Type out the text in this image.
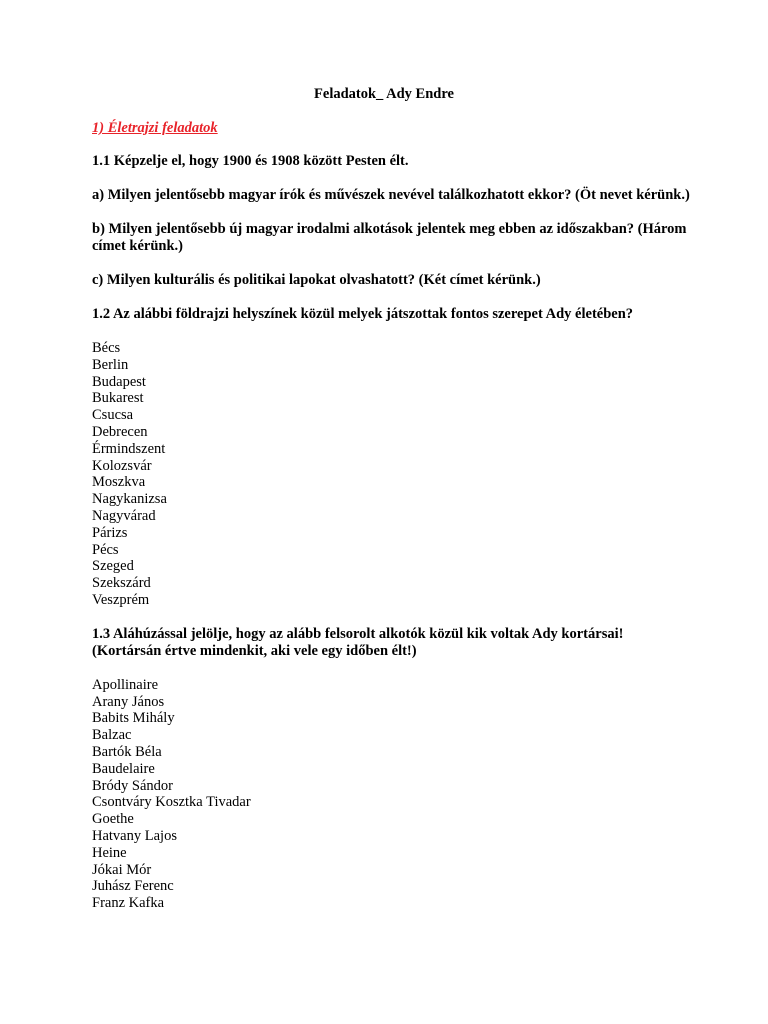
Feladatok_ Ady Endre
1) Életrajzi feladatok
1.1 Képzelje el, hogy 1900 és 1908 között Pesten élt.
a) Milyen jelentősebb magyar írók és művészek nevével találkozhatott ekkor? (Öt nevet kérünk.)
b) Milyen jelentősebb új magyar irodalmi alkotások jelentek meg ebben az időszakban? (Három címet kérünk.)
c) Milyen kulturális és politikai lapokat olvashatott? (Két címet kérünk.)
1.2 Az alábbi földrajzi helyszínek közül melyek játszottak fontos szerepet Ady életében?
Bécs
Berlin
Budapest
Bukarest
Csucsa
Debrecen
Érmindszent
Kolozsvár
Moszkva
Nagykanizsa
Nagyvárad
Párizs
Pécs
Szeged
Szekszárd
Veszprém
1.3 Aláhúzással jelölje, hogy az alább felsorolt alkotók közül kik voltak Ady kortársai! (Kortársán értve mindenkit, aki vele egy időben élt!)
Apollinaire
Arany János
Babits Mihály
Balzac
Bartók Béla
Baudelaire
Bródy Sándor
Csontváry Kosztka Tivadar
Goethe
Hatvany Lajos
Heine
Jókai Mór
Juhász Ferenc
Franz Kafka
